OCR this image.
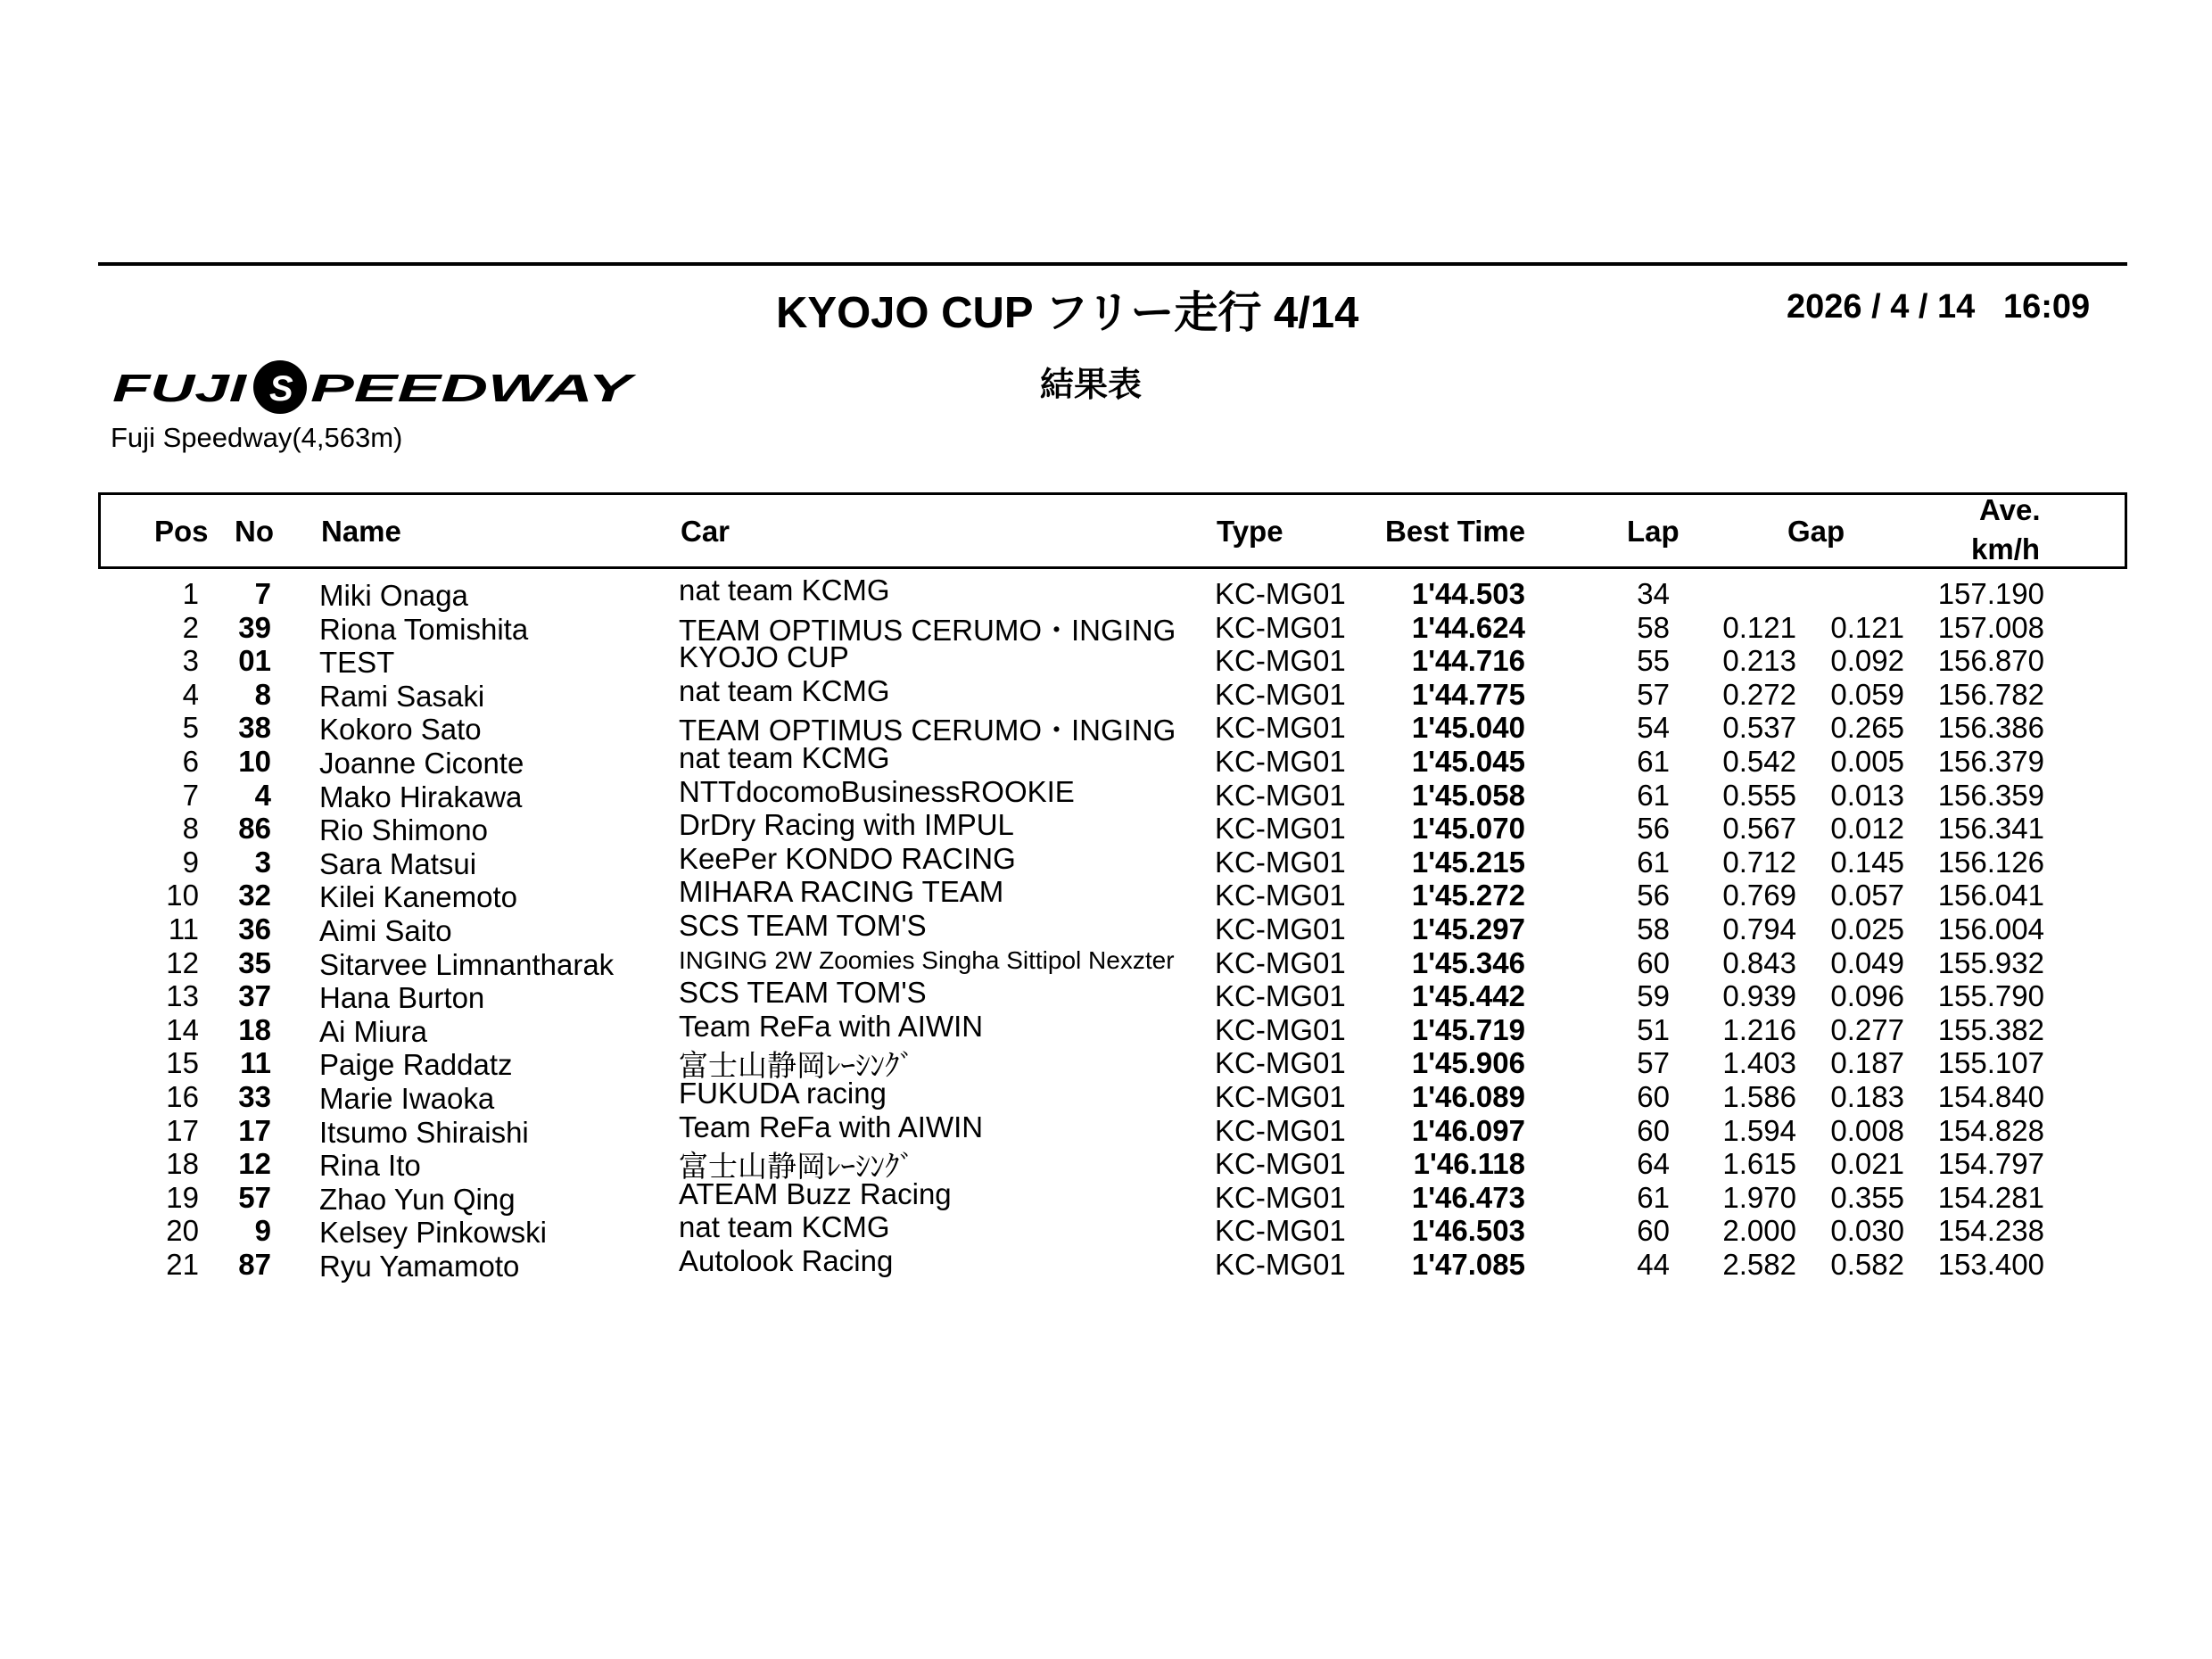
KYOJO CUP フリー走行 4/14	2026 / 4 / 14   16:09
結果表
FUJI PEEDWAY
S
Fuji Speedway(4,563m)
Pos No Name	Car	Type	Best Time	Lap	Gap
Ave.
km/h
1 7 Miki Onaga	nat team KCMG	KC-MG01 1'44.503	34	157.190
2 39 Riona Tomishita	TEAM OPTIMUS CERUMO・INGING KC-MG01 1'44.624	58 0.121 0.121 157.008
3 01 TEST	KYOJO CUP	KC-MG01 1'44.716	55 0.213 0.092 156.870
4 8 Rami Sasaki	nat team KCMG	KC-MG01 1'44.775	57 0.272 0.059 156.782
5 38 Kokoro Sato	TEAM OPTIMUS CERUMO・INGING KC-MG01 1'45.040	54 0.537 0.265 156.386
6 10 Joanne Ciconte	nat team KCMG	KC-MG01 1'45.045	61 0.542 0.005 156.379
7 4 Mako Hirakawa	NTTdocomoBusinessROOKIE	KC-MG01 1'45.058	61 0.555 0.013 156.359
8 86 Rio Shimono	DrDry Racing with IMPUL	KC-MG01 1'45.070	56 0.567 0.012 156.341
9 3 Sara Matsui	KeePer KONDO RACING	KC-MG01 1'45.215	61 0.712 0.145 156.126
10 32 Kilei Kanemoto	MIHARA RACING TEAM	KC-MG01 1'45.272	56 0.769 0.057 156.041
11 36 Aimi Saito	SCS TEAM TOM'S	KC-MG01 1'45.297	58 0.794 0.025 156.004
12 35 Sitarvee Limnantharak	INGING 2W Zoomies Singha Sittipol Nexzter KC-MG01 1'45.346	60 0.843 0.049 155.932
13 37 Hana Burton	SCS TEAM TOM'S	KC-MG01 1'45.442	59 0.939 0.096 155.790
14 18 Ai Miura	Team ReFa with AIWIN	KC-MG01 1'45.719	51 1.216 0.277 155.382
15 11 Paige Raddatz	富士山静岡ﾚｰｼﾝｸﾞ	KC-MG01 1'45.906	57 1.403 0.187 155.107
16 33 Marie Iwaoka	FUKUDA racing	KC-MG01 1'46.089	60 1.586 0.183 154.840
17 17 Itsumo Shiraishi	Team ReFa with AIWIN	KC-MG01 1'46.097	60 1.594 0.008 154.828
18 12 Rina Ito	富士山静岡ﾚｰｼﾝｸﾞ	KC-MG01 1'46.118	64 1.615 0.021 154.797
19 57 Zhao Yun Qing	ATEAM Buzz Racing	KC-MG01 1'46.473	61 1.970 0.355 154.281
20 9 Kelsey Pinkowski	nat team KCMG	KC-MG01 1'46.503	60 2.000 0.030 154.238
21 87 Ryu Yamamoto	Autolook Racing	KC-MG01 1'47.085	44 2.582 0.582 153.400
